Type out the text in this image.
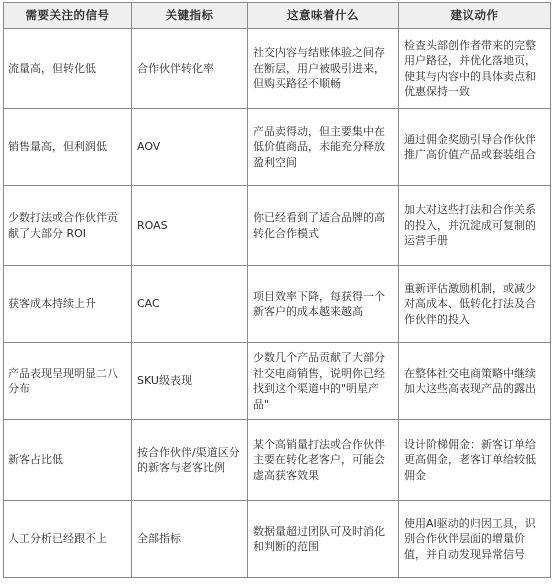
需要关注的信号	关键指标	这意味着什么	建议动作
流量高，但转化低	合作伙伴转化率	社交内容与结账体验之间存在断层，用户被吸引进来，但购买路径不顺畅	检查头部创作者带来的完整用户路径，并优化落地页，使其与内容中的具体卖点和优惠保持一致
销售量高，但利润低	AOV	产品卖得动，但主要集中在低价值商品，未能充分释放盈利空间	通过佣金奖励引导合作伙伴推广高价值产品或套装组合
少数打法或合作伙伴贡献了大部分 ROI	ROAS	你已经看到了适合品牌的高转化合作模式	加大对这些打法和合作关系的投入，并沉淀成可复制的运营手册
获客成本持续上升	CAC	项目效率下降，每获得一个新客户的成本越来越高	重新评估激励机制，或减少对高成本、低转化打法及合作伙伴的投入
产品表现呈现明显二八分布	SKU级表现	少数几个产品贡献了大部分社交电商销售，说明你已经找到这个渠道中的"明星产品"	在整体社交电商策略中继续加大这些高表现产品的露出
新客占比低	按合作伙伴/渠道区分的新客与老客比例	某个高销量打法或合作伙伴主要在转化老客户，可能会虚高获客效果	设计阶梯佣金：新客订单给更高佣金，老客订单给较低佣金
人工分析已经跟不上	全部指标	数据量超过团队可及时消化和判断的范围	使用AI驱动的归因工具，识别合作伙伴层面的增量价值，并自动发现异常信号
